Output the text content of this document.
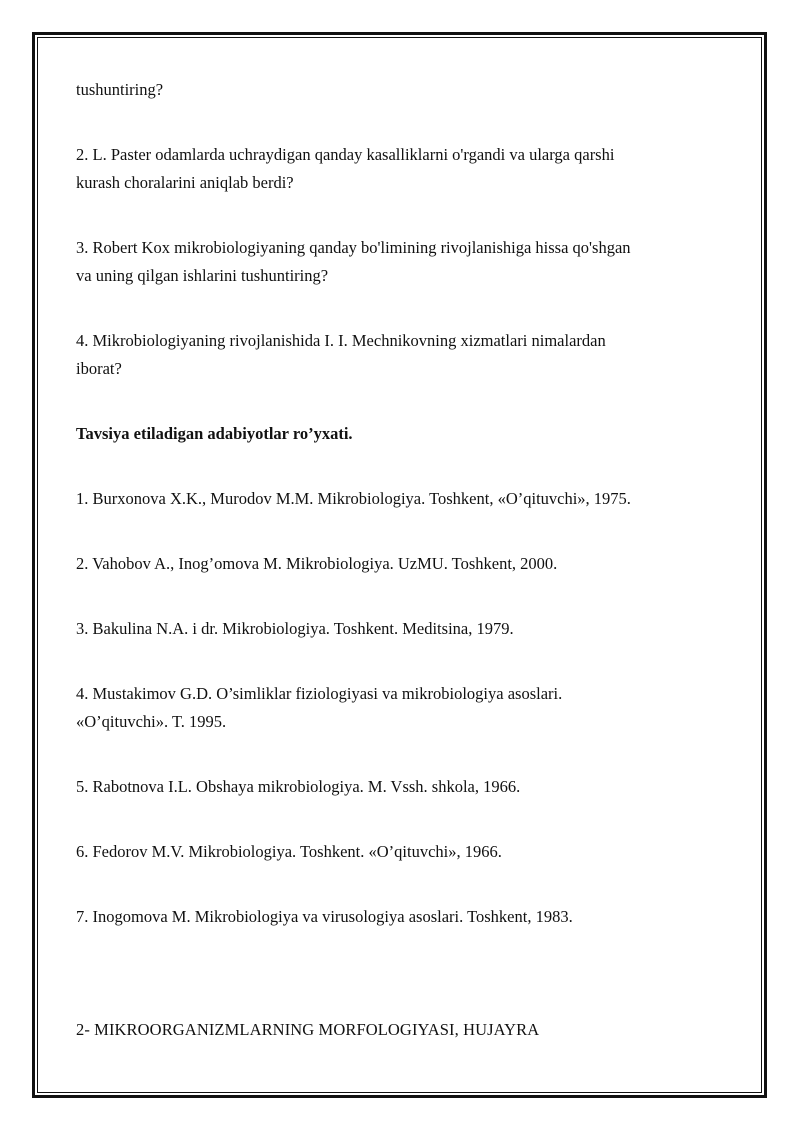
tushuntiring?

2. L. Paster odamlarda uchraydigan qanday kasalliklarni o'rgandi va ularga qarshi

kurash choralarini aniqlab berdi?

3. Robert Kox mikrobiologiyaning qanday bo'limining rivojlanishiga hissa qo'shgan

va uning qilgan ishlarini tushuntiring?

4. Mikrobiologiyaning rivojlanishida I. I. Mechnikovning xizmatlari nimalardan

iborat?

Tavsiya etiladigan adabiyotlar ro’yxati.

1. Burxonova X.K., Murodov M.M. Mikrobiologiya. Toshkent, «O’qituvchi», 1975.

2. Vahobov A., Inog’omova M. Mikrobiologiya. UzMU. Toshkent, 2000.

3. Bakulina N.A. i dr. Mikrobiologiya. Toshkent. Meditsina, 1979.

4. Mustakimov G.D. O’simliklar fiziologiyasi va mikrobiologiya asoslari.

«O’qituvchi». T. 1995.

5. Rabotnova I.L. Obshaya mikrobiologiya. M. Vssh. shkola, 1966.

6. Fedorov M.V. Mikrobiologiya. Toshkent. «O’qituvchi», 1966.

7. Inogomova M. Mikrobiologiya va virusologiya asoslari. Toshkent, 1983.

2- MIKROORGANIZMLARNING MORFOLOGIYASI, HUJAYRA
